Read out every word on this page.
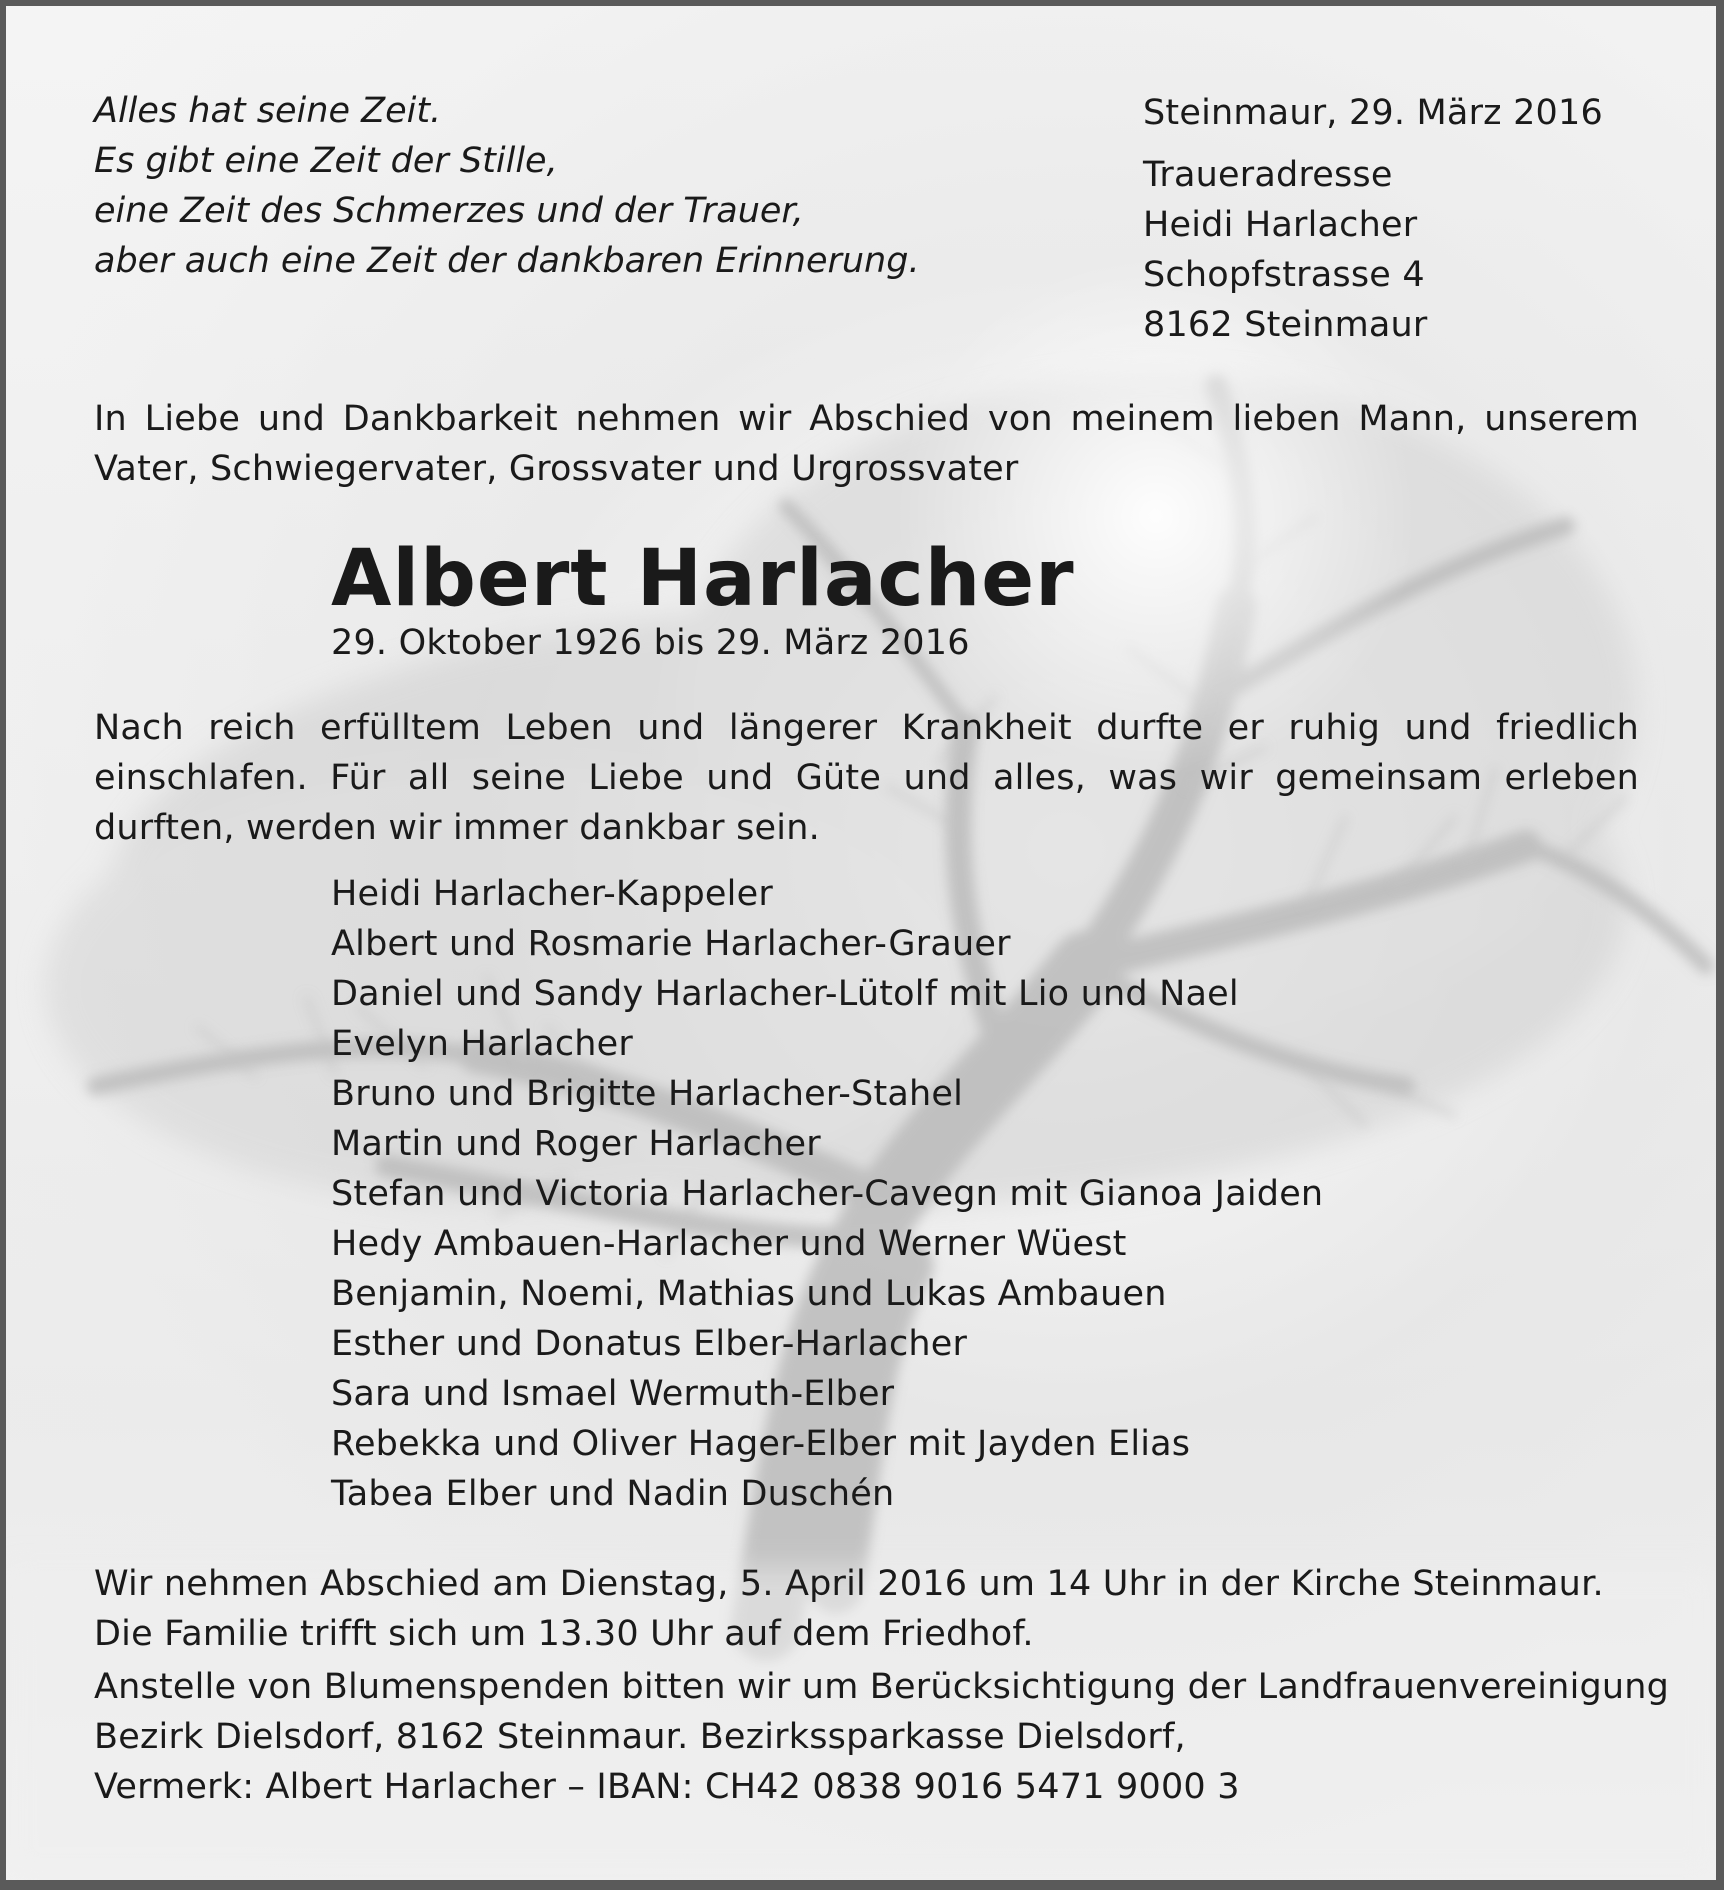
Alles hat seine Zeit.
Es gibt eine Zeit der Stille,
eine Zeit des Schmerzes und der Trauer,
aber auch eine Zeit der dankbaren Erinnerung.
Steinmaur, 29. März 2016
Traueradresse
Heidi Harlacher
Schopfstrasse 4
8162 Steinmaur
In Liebe und Dankbarkeit nehmen wir Abschied von meinem lieben Mann, unserem Vater, Schwiegervater, Grossvater und Urgrossvater
Albert Harlacher
29. Oktober 1926 bis 29. März 2016
Nach reich erfülltem Leben und längerer Krankheit durfte er ruhig und friedlich einschlafen. Für all seine Liebe und Güte und alles, was wir gemeinsam erleben durften, werden wir immer dankbar sein.
Heidi Harlacher-Kappeler
Albert und Rosmarie Harlacher-Grauer
Daniel und Sandy Harlacher-Lütolf mit Lio und Nael
Evelyn Harlacher
Bruno und Brigitte Harlacher-Stahel
Martin und Roger Harlacher
Stefan und Victoria Harlacher-Cavegn mit Gianoa Jaiden
Hedy Ambauen-Harlacher und Werner Wüest
Benjamin, Noemi, Mathias und Lukas Ambauen
Esther und Donatus Elber-Harlacher
Sara und Ismael Wermuth-Elber
Rebekka und Oliver Hager-Elber mit Jayden Elias
Tabea Elber und Nadin Duschén
Wir nehmen Abschied am Dienstag, 5. April 2016 um 14 Uhr in der Kirche Steinmaur.
Die Familie trifft sich um 13.30 Uhr auf dem Friedhof.
Anstelle von Blumenspenden bitten wir um Berücksichtigung der Landfrauenvereinigung
Bezirk Dielsdorf, 8162 Steinmaur. Bezirkssparkasse Dielsdorf,
Vermerk: Albert Harlacher – IBAN: CH42 0838 9016 5471 9000 3
